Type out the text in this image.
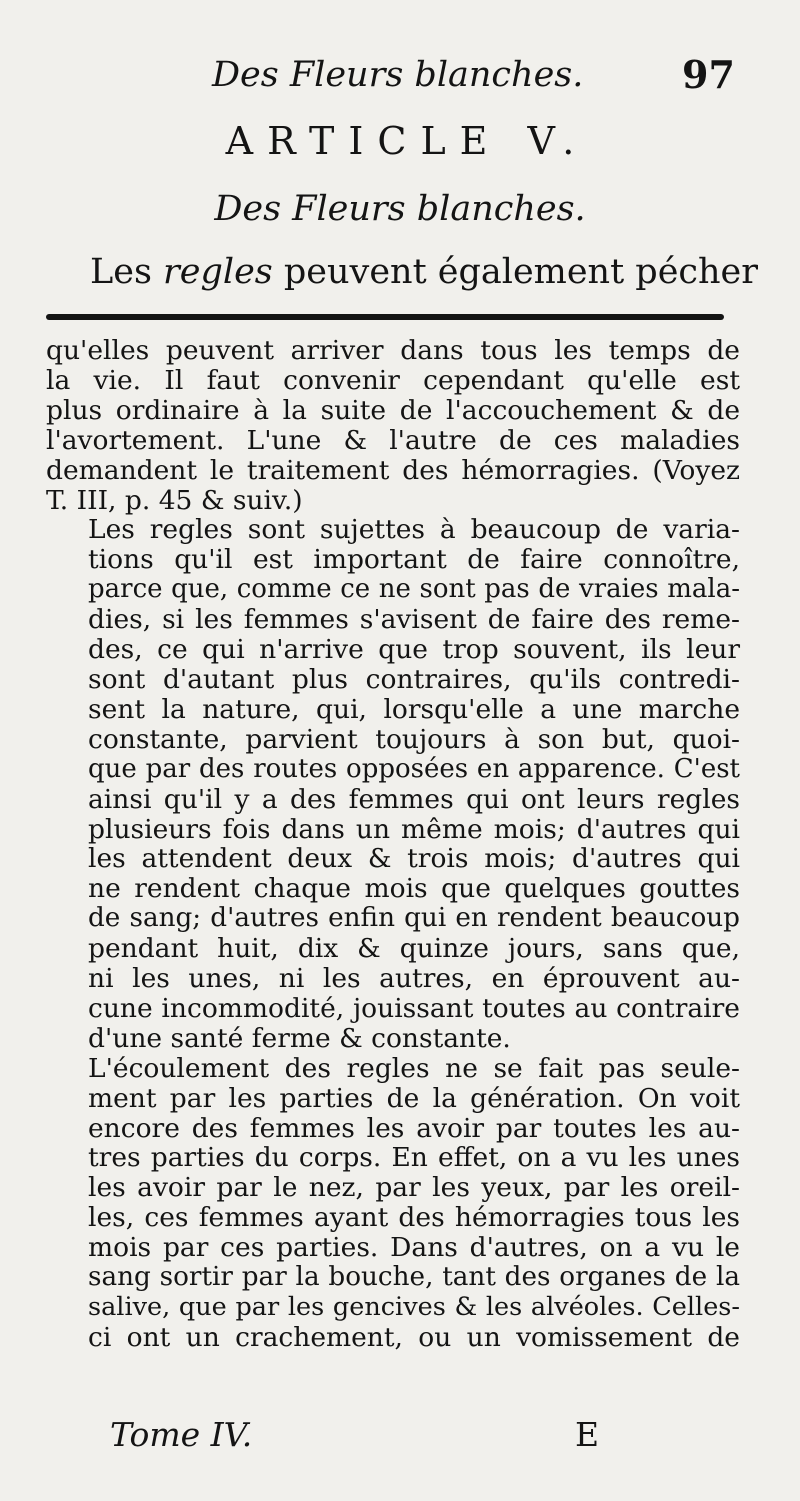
Des Fleurs blanches.	97
ARTICLE V.
Des Fleurs blanches.
Les regles peuvent également pécher

qu'elles peuvent arriver dans tous les temps de
la vie. Il faut convenir cependant qu'elle est
plus ordinaire à la suite de l'accouchement & de
l'avortement. L'une & l'autre de ces maladies
demandent le traitement des hémorragies. (Voyez
T. III, p. 45 & suiv.)

Les regles sont sujettes à beaucoup de varia-
tions qu'il est important de faire connoître,
parce que, comme ce ne sont pas de vraies mala-
dies, si les femmes s'avisent de faire des reme-
des, ce qui n'arrive que trop souvent, ils leur
sont d'autant plus contraires, qu'ils contredi-
sent la nature, qui, lorsqu'elle a une marche
constante, parvient toujours à son but, quoi-
que par des routes opposées en apparence. C'est
ainsi qu'il y a des femmes qui ont leurs regles
plusieurs fois dans un même mois; d'autres qui
les attendent deux & trois mois; d'autres qui
ne rendent chaque mois que quelques gouttes
de sang; d'autres enfin qui en rendent beaucoup
pendant huit, dix & quinze jours, sans que,
ni les unes, ni les autres, en éprouvent au-
cune incommodité, jouissant toutes au contraire
d'une santé ferme & constante.

L'écoulement des regles ne se fait pas seule-
ment par les parties de la génération. On voit
encore des femmes les avoir par toutes les au-
tres parties du corps. En effet, on a vu les unes
les avoir par le nez, par les yeux, par les oreil-
les, ces femmes ayant des hémorragies tous les
mois par ces parties. Dans d'autres, on a vu le
sang sortir par la bouche, tant des organes de la
salive, que par les gencives & les alvéoles. Celles-
ci ont un crachement, ou un vomissement de

Tome IV.	E
